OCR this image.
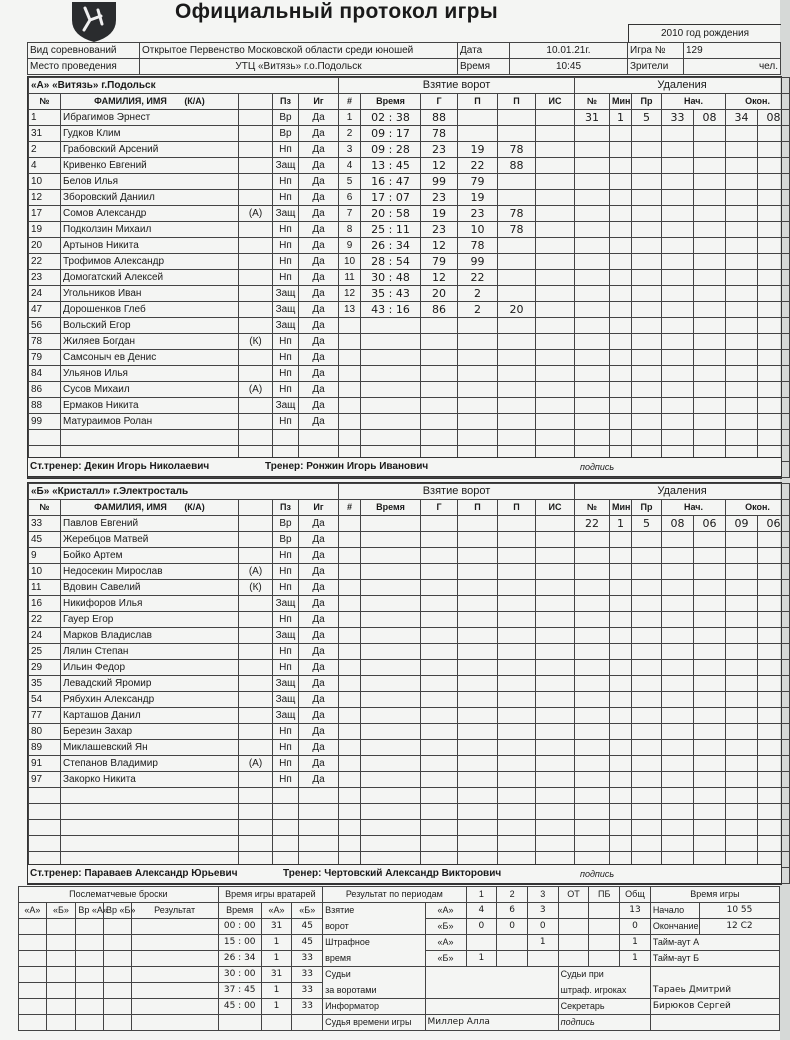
Официальный протокол игры
2010 год рождения
Вид соревнований	Открытое Первенство Московской области среди юношей	Дата	10.01.21г.	Игра №	129
Место проведения	УТЦ «Витязь» г.о.Подольск	Время	10:45	Зрители	чел.
«А» «Витязь» г.Подольск					Взятие ворот						Удаления						
№	ФАМИЛИЯ, ИМЯ (К/А)		Пз	Иг	#	Время	Г	П	П	ИС	№	Мин	Пр	Нач.		Окон.	
1	Ибрагимов Эрнест		Вр	Да	1	02 : 38	88				31	1	5	33	08	34	08
31	Гудков Клим		Вр	Да	2	09 : 17	78										
2	Грабовский Арсений		Нп	Да	3	09 : 28	23	19	78								
4	Кривенко Евгений		Защ	Да	4	13 : 45	12	22	88								
10	Белов Илья		Нп	Да	5	16 : 47	99	79									
12	Зборовский Даниил		Нп	Да	6	17 : 07	23	19									
17	Сомов Александр	(А)	Защ	Да	7	20 : 58	19	23	78								
19	Подколзин Михаил		Нп	Да	8	25 : 11	23	10	78								
20	Артынов Никита		Нп	Да	9	26 : 34	12	78									
22	Трофимов Александр		Нп	Да	10	28 : 54	79	99									
23	Домогатский Алексей		Нп	Да	11	30 : 48	12	22									
24	Угольников Иван		Защ	Да	12	35 : 43	20	2									
47	Дорошенков Глеб		Защ	Да	13	43 : 16	86	2	20								
56	Вольский Егор		Защ	Да													
78	Жиляев Богдан	(К)	Нп	Да													
79	Самсоныч ев Денис		Нп	Да													
84	Ульянов Илья		Нп	Да													
86	Сусов Михаил	(А)	Нп	Да													
88	Ермаков Никита		Защ	Да													
99	Матураимов Ролан		Нп	Да													

Ст.тренер: Декин Игорь Николаевич	Тренер: Ронжин Игорь Иванович	подпись
«Б» «Кристалл» г.Электросталь					Взятие ворот						Удаления						
№	ФАМИЛИЯ, ИМЯ (К/А)		Пз	Иг	#	Время	Г	П	П	ИС	№	Мин	Пр	Нач.		Окон.	
33	Павлов Евгений		Вр	Да							22	1	5	08	06	09	06
45	Жеребцов Матвей		Вр	Да													
9	Бойко Артем		Нп	Да													
10	Недосекин Мирослав	(А)	Нп	Да													
11	Вдовин Савелий	(К)	Нп	Да													
16	Никифоров Илья		Защ	Да													
22	Гауер Егор		Нп	Да													
24	Марков Владислав		Защ	Да													
25	Лялин Степан		Нп	Да													
29	Ильин Федор		Нп	Да													
35	Левадский Яромир		Защ	Да													
54	Рябухин Александр		Защ	Да													
77	Карташов Данил		Защ	Да													
80	Березин Захар		Нп	Да													
89	Миклашевский Ян		Нп	Да													
91	Степанов Владимир	(А)	Нп	Да													
97	Закорко Никита		Нп	Да													

Ст.тренер: Параваев Александр Юрьевич	Тренер: Чертовский Александр Викторович	подпись
Послематчевые броски					Время игры вратарей			Результат по периодам		1	2	3	ОТ	ПБ	Общ	Время игры	
«А»	«Б»	Вр «А»	Вр «Б»	Результат	Время	«А»	«Б»	Взятие	«А»	4	6	3			13	Начало	10 55
					00 : 00	31	45	ворот	«Б»	0	0	0			0	Окончание	12 C2
					15 : 00	1	45	Штрафное	«А»			1			1	Тайм-аут А	
					26 : 34	1	33	время	«Б»	1					1	Тайм-аут Б	
					30 : 00	31	33	Судьи					Судьи при				
					37 : 45	1	33	за воротами					штраф. игроках			Тараеь Дмитрий	
					45 : 00	1	33	Информатор					Секретарь			Бирюков Сергей	
								Судья времени игры	Миллер Алла				подпись				
